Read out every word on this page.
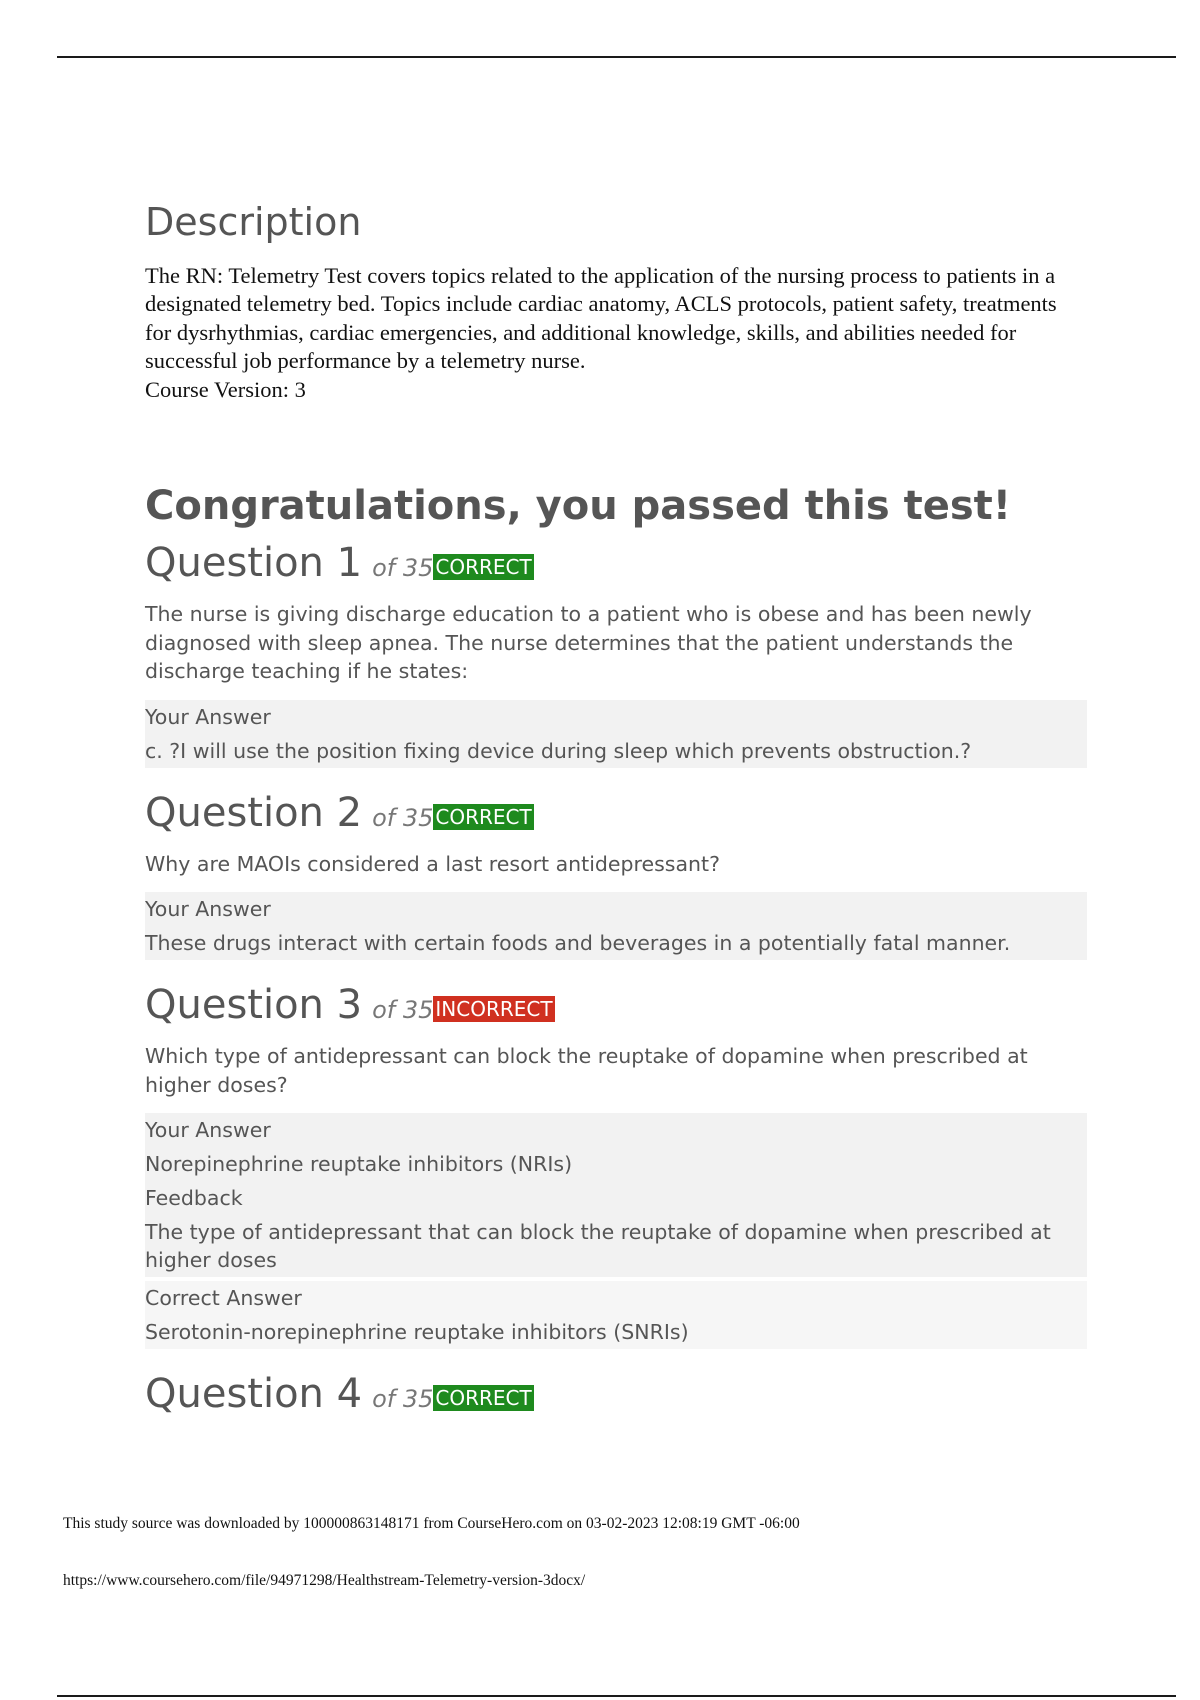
Description
The RN: Telemetry Test covers topics related to the application of the nursing process to patients in a designated telemetry bed. Topics include cardiac anatomy, ACLS protocols, patient safety, treatments for dysrhythmias, cardiac emergencies, and additional knowledge, skills, and abilities needed for successful job performance by a telemetry nurse.
Course Version: 3
Congratulations, you passed this test!
Question 1 of 35 CORRECT
The nurse is giving discharge education to a patient who is obese and has been newly diagnosed with sleep apnea. The nurse determines that the patient understands the discharge teaching if he states:
Your Answer
c. ?I will use the position fixing device during sleep which prevents obstruction.?
Question 2 of 35 CORRECT
Why are MAOIs considered a last resort antidepressant?
Your Answer
These drugs interact with certain foods and beverages in a potentially fatal manner.
Question 3 of 35 INCORRECT
Which type of antidepressant can block the reuptake of dopamine when prescribed at higher doses?
Your Answer
Norepinephrine reuptake inhibitors (NRIs)
Feedback
The type of antidepressant that can block the reuptake of dopamine when prescribed at higher doses
Correct Answer
Serotonin-norepinephrine reuptake inhibitors (SNRIs)
Question 4 of 35 CORRECT
This study source was downloaded by 100000863148171 from CourseHero.com on 03-02-2023 12:08:19 GMT -06:00
https://www.coursehero.com/file/94971298/Healthstream-Telemetry-version-3docx/
